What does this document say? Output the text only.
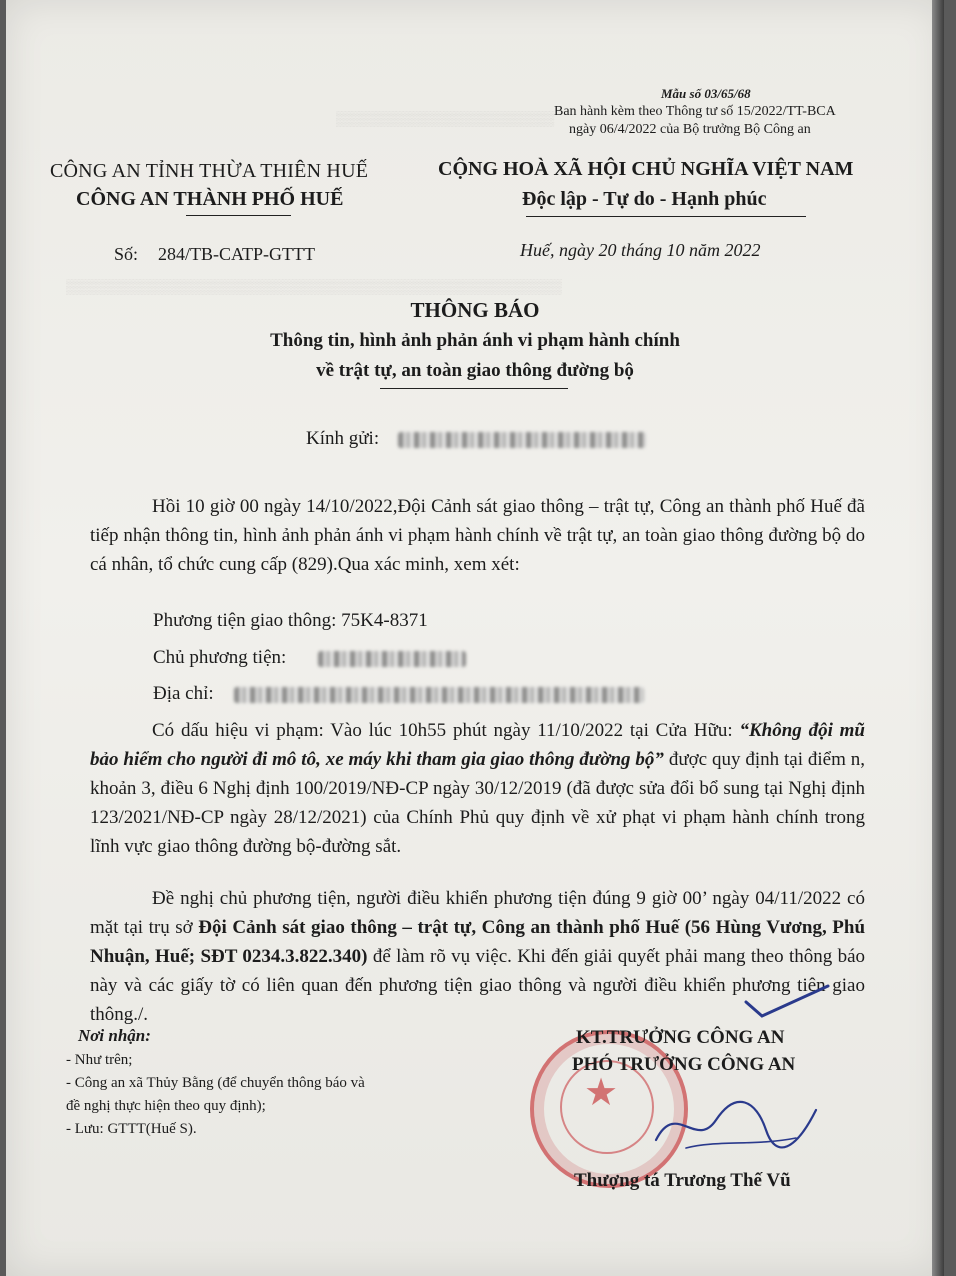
▒▒▒▒▒▒▒▒▒▒▒▒▒▒▒▒▒▒▒▒▒▒
▒▒▒▒▒▒▒▒▒▒▒▒▒▒▒▒▒▒▒▒▒▒▒▒▒▒▒▒▒▒▒▒▒▒▒▒▒▒▒▒▒▒▒▒▒▒▒▒▒▒
Mẫu số 03/65/68
Ban hành kèm theo Thông tư số 15/2022/TT-BCA
ngày 06/4/2022 của Bộ trưởng Bộ Công an
CÔNG AN TỈNH THỪA THIÊN HUẾ
CÔNG AN THÀNH PHỐ HUẾ
CỘNG HOÀ XÃ HỘI CHỦ NGHĨA VIỆT NAM
Độc lập - Tự do - Hạnh phúc
Số: 284/TB-CATP-GTTT	Huế, ngày 20 tháng 10 năm 2022
THÔNG BÁO
Thông tin, hình ảnh phản ánh vi phạm hành chính
về trật tự, an toàn giao thông đường bộ
Kính gửi:
Hồi 10 giờ 00 ngày 14/10/2022,Đội Cảnh sát giao thông – trật tự, Công an thành phố Huế đã tiếp nhận thông tin, hình ảnh phản ánh vi phạm hành chính về trật tự, an toàn giao thông đường bộ do cá nhân, tổ chức cung cấp (829).Qua xác minh, xem xét:
Phương tiện giao thông: 75K4-8371
Chủ phương tiện:
Địa chỉ:
Có dấu hiệu vi phạm: Vào lúc 10h55 phút ngày 11/10/2022 tại Cửa Hữu: “Không đội mũ bảo hiểm cho người đi mô tô, xe máy khi tham gia giao thông đường bộ” được quy định tại điểm n, khoản 3, điều 6 Nghị định 100/2019/NĐ-CP ngày 30/12/2019 (đã được sửa đổi bổ sung tại Nghị định 123/2021/NĐ-CP ngày 28/12/2021) của Chính Phủ quy định về xử phạt vi phạm hành chính trong lĩnh vực giao thông đường bộ-đường sắt.
Đề nghị chủ phương tiện, người điều khiển phương tiện đúng 9 giờ 00’ ngày 04/11/2022 có mặt tại trụ sở Đội Cảnh sát giao thông – trật tự, Công an thành phố Huế (56 Hùng Vương, Phú Nhuận, Huế; SĐT 0234.3.822.340) để làm rõ vụ việc. Khi đến giải quyết phải mang theo thông báo này và các giấy tờ có liên quan đến phương tiện giao thông và người điều khiển phương tiện giao thông./.
Nơi nhận:
- Như trên;
- Công an xã Thủy Bằng (để chuyển thông báo và
đề nghị thực hiện theo quy định);
- Lưu: GTTT(Huế S).
★
KT.TRƯỞNG CÔNG AN
PHÓ TRƯỞNG CÔNG AN
Thượng tá Trương Thế Vũ
